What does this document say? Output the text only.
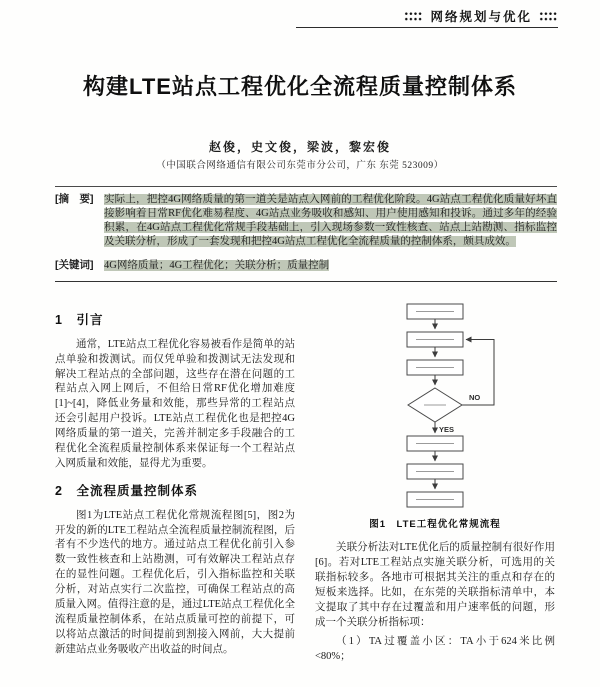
网络规划与优化
构建LTE站点工程优化全流程质量控制体系
赵俊，史文俊，梁波，黎宏俊
（中国联合网络通信有限公司东莞市分公司，广东 东莞 523009）
[摘　要]	实际上，把控4G网络质量的第一道关是站点入网前的工程优化阶段。4G站点工程优化质量好坏直接影响着日常RF优化难易程度、4G站点业务吸收和感知、用户使用感知和投诉。通过多年的经验积累，在4G站点工程优化常规手段基础上，引入现场参数一致性核查、站点上站勘测、指标监控及关联分析，形成了一套发现和把控4G站点工程优化全流程质量的控制体系，颇具成效。
[关键词]	4G网络质量；4G工程优化；关联分析；质量控制
1　引言

通常，LTE站点工程优化容易被看作是简单的站点单验和拨测试。而仅凭单验和拨测试无法发现和解决工程站点的全部问题，这些存在潜在问题的工程站点入网上网后，不但给日常RF优化增加难度[1]~[4]，降低业务量和效能，那些异常的工程站点还会引起用户投诉。LTE站点工程优化也是把控4G网络质量的第一道关，完善并制定多手段融合的工程优化全流程质量控制体系来保证每一个工程站点入网质量和效能，显得尤为重要。

2　全流程质量控制体系

图1为LTE站点工程优化常规流程图[5]，图2为开发的新的LTE工程站点全流程质量控制流程图，后者有不少迭代的地方。通过站点工程优化前引入参数一致性核查和上站勘测，可有效解决工程站点存在的显性问题。工程优化后，引入指标监控和关联分析，对站点实行二次监控，可确保工程站点的高质量入网。值得注意的是，通过LTE站点工程优化全流程质量控制体系，在站点质量可控的前提下，可以将站点激活的时间提前到割接入网前，大大提前新建站点业务吸收产出收益的时间点。

NO
YES
图1　LTE工程优化常规流程

关联分析法对LTE优化后的质量控制有很好作用[6]。若对LTE工程站点实施关联分析，可选用的关联指标较多。各地市可根据其关注的重点和存在的短板来选择。比如，在东莞的关联指标清单中，本文提取了其中存在过覆盖和用户速率低的问题，形成一个关联分析指标项：

（1）TA过覆盖小区：TA小于624米比例<80%；
